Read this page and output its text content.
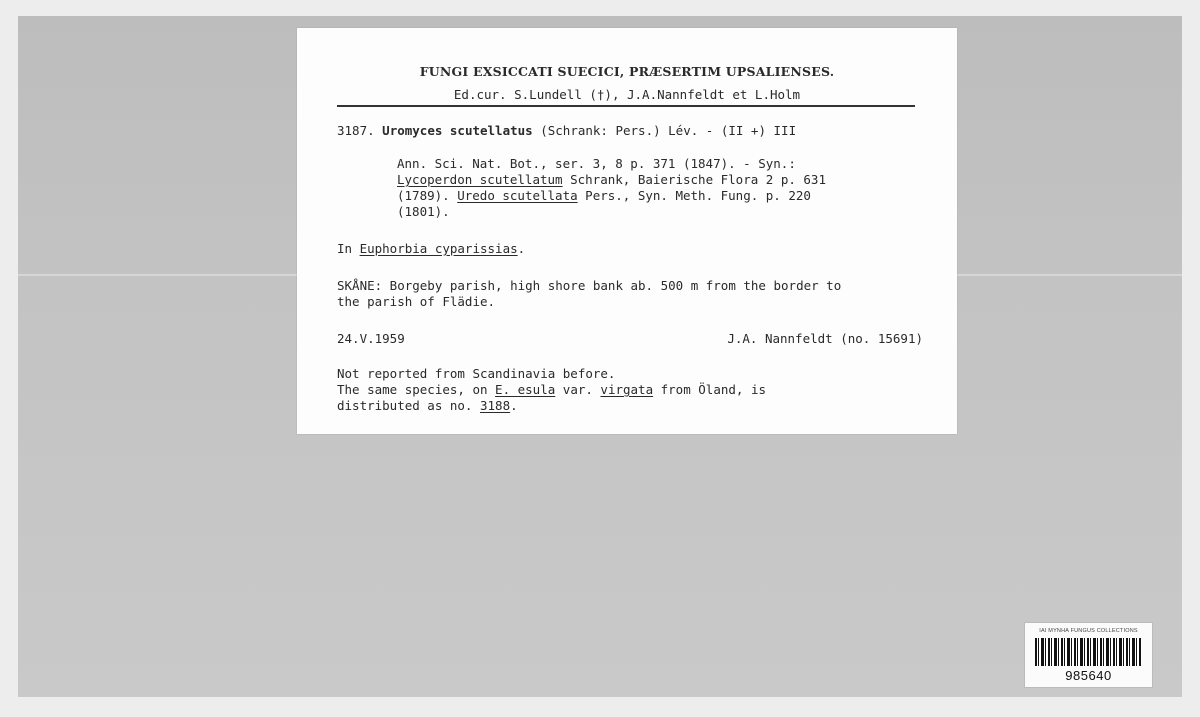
FUNGI EXSICCATI SUECICI, PRÆSERTIM UPSALIENSES.
Ed.cur. S.Lundell (†), J.A.Nannfeldt et L.Holm
3187. Uromyces scutellatus (Schrank: Pers.) Lév. - (II +) III
Ann. Sci. Nat. Bot., ser. 3, 8 p. 371 (1847). - Syn.:
Lycoperdon scutellatum Schrank, Baierische Flora 2 p. 631
(1789). Uredo scutellata Pers., Syn. Meth. Fung. p. 220
(1801).
In Euphorbia cyparissias.
SKÅNE: Borgeby parish, high shore bank ab. 500 m from the border to
the parish of Flädie.
24.V.1959	J.A. Nannfeldt (no. 15691)
Not reported from Scandinavia before.
The same species, on E. esula var. virgata from Öland, is
distributed as no. 3188.
IAI MYNHA FUNGUS COLLECTIONS
985640
